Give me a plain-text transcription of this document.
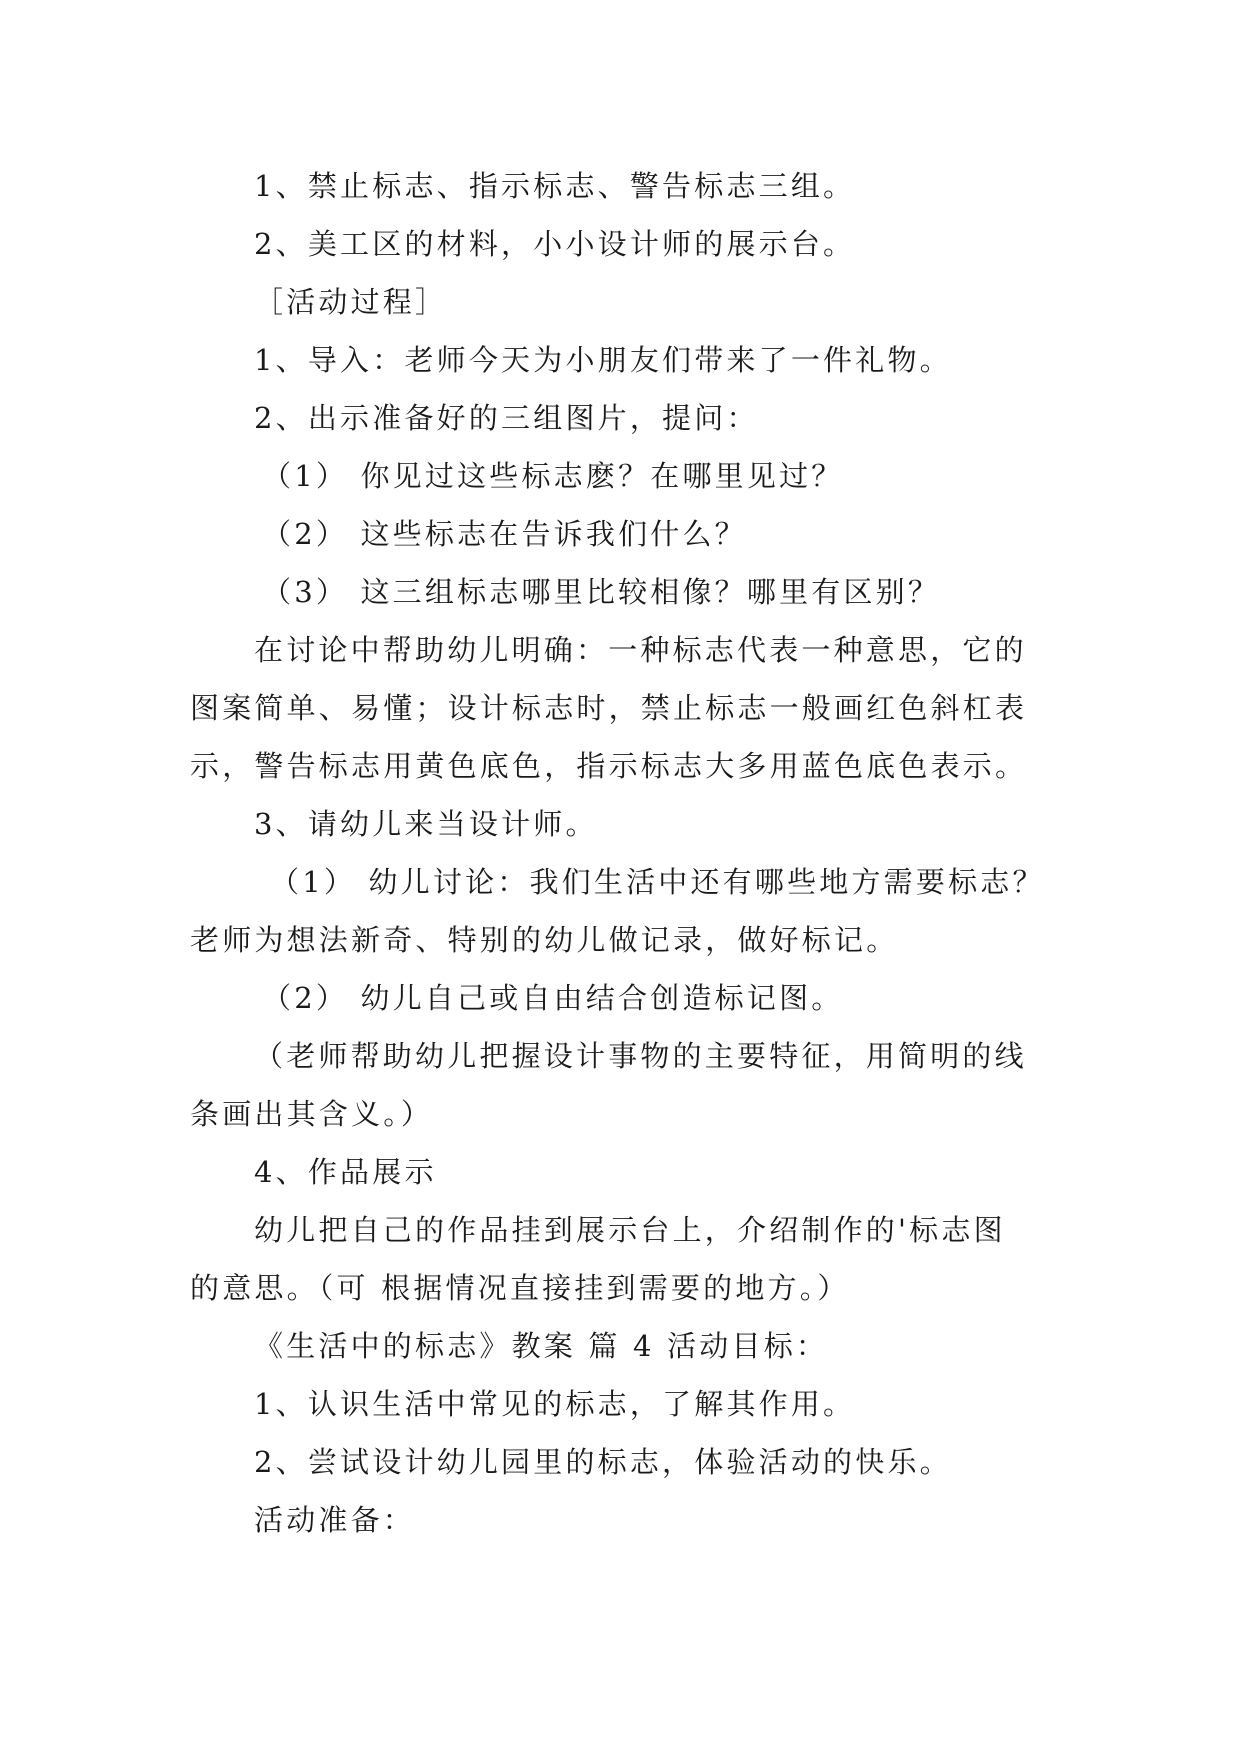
1、禁止标志、指示标志、警告标志三组。
2、美工区的材料，小小设计师的展示台。
［活动过程］
1、导入：老师今天为小朋友们带来了一件礼物。
2、出示准备好的三组图片，提问：
（1） 你见过这些标志麽？在哪里见过？
（2） 这些标志在告诉我们什么？
（3） 这三组标志哪里比较相像？哪里有区别？
在讨论中帮助幼儿明确：一种标志代表一种意思，它的
图案简单、易懂；设计标志时，禁止标志一般画红色斜杠表
示，警告标志用黄色底色，指示标志大多用蓝色底色表示。
3、请幼儿来当设计师。
（1） 幼儿讨论：我们生活中还有哪些地方需要标志？
老师为想法新奇、特别的幼儿做记录，做好标记。
（2） 幼儿自己或自由结合创造标记图。
（老师帮助幼儿把握设计事物的主要特征，用简明的线
条画出其含义。）
4、作品展示
幼儿把自己的作品挂到展示台上，介绍制作的'标志图
的意思。（可 根据情况直接挂到需要的地方。）
《生活中的标志》教案 篇 4 活动目标：
1、认识生活中常见的标志，了解其作用。
2、尝试设计幼儿园里的标志，体验活动的快乐。
活动准备：
